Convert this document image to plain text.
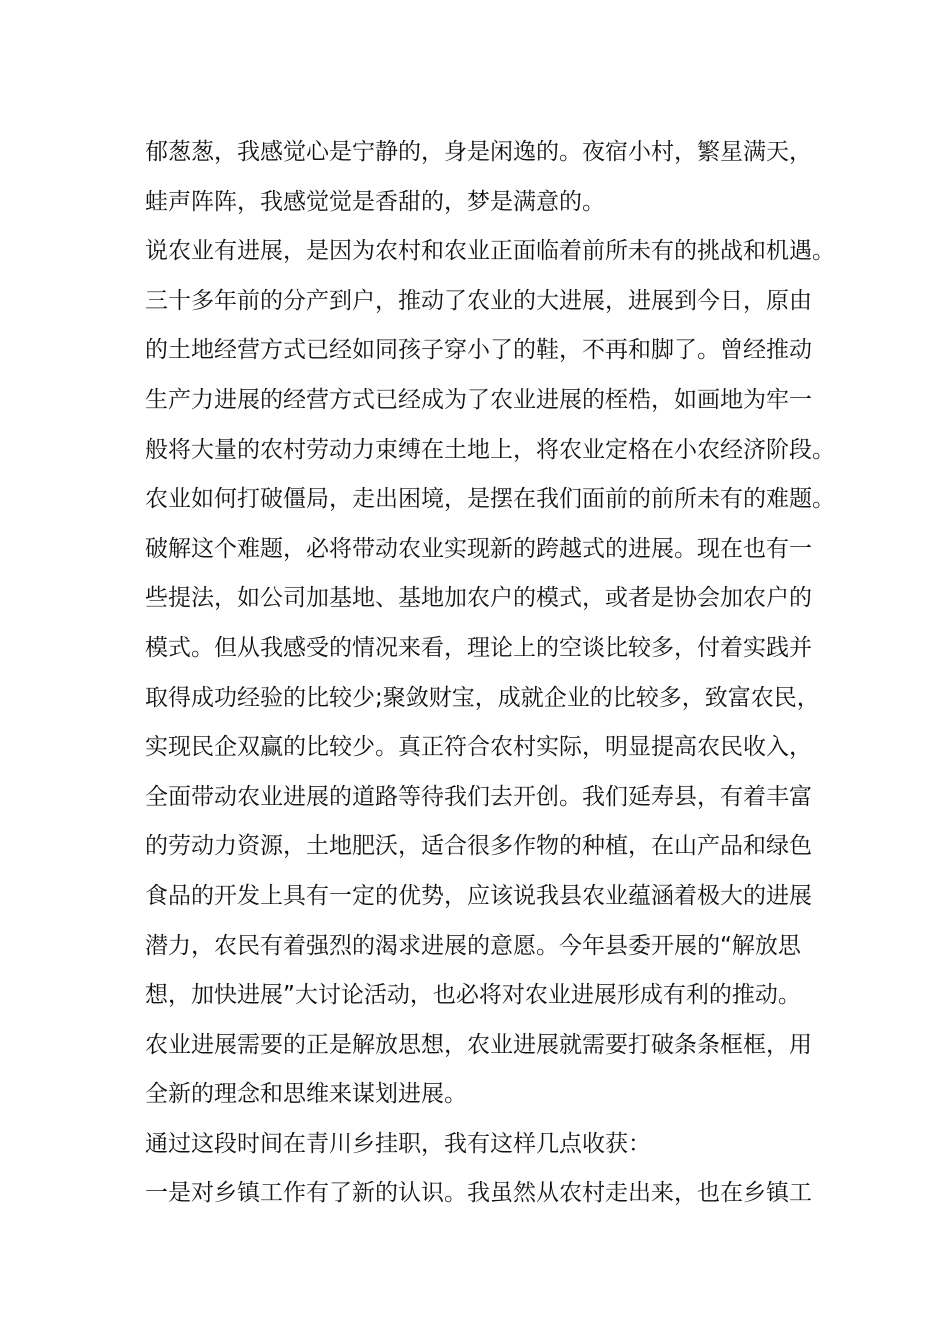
郁葱葱，我感觉心是宁静的，身是闲逸的。夜宿小村，繁星满天，
蛙声阵阵，我感觉觉是香甜的，梦是满意的。
说农业有进展，是因为农村和农业正面临着前所未有的挑战和机遇。
三十多年前的分产到户，推动了农业的大进展，进展到今日，原由
的土地经营方式已经如同孩子穿小了的鞋，不再和脚了。曾经推动
生产力进展的经营方式已经成为了农业进展的桎梏，如画地为牢一
般将大量的农村劳动力束缚在土地上，将农业定格在小农经济阶段。
农业如何打破僵局，走出困境，是摆在我们面前的前所未有的难题。
破解这个难题，必将带动农业实现新的跨越式的进展。现在也有一
些提法，如公司加基地、基地加农户的模式，或者是协会加农户的
模式。但从我感受的情况来看，理论上的空谈比较多，付着实践并
取得成功经验的比较少;聚敛财宝，成就企业的比较多，致富农民，
实现民企双赢的比较少。真正符合农村实际，明显提高农民收入，
全面带动农业进展的道路等待我们去开创。我们延寿县，有着丰富
的劳动力资源，土地肥沃，适合很多作物的种植，在山产品和绿色
食品的开发上具有一定的优势，应该说我县农业蕴涵着极大的进展
潜力，农民有着强烈的渴求进展的意愿。今年县委开展的“解放思
想，加快进展”大讨论活动，也必将对农业进展形成有利的推动。
农业进展需要的正是解放思想，农业进展就需要打破条条框框，用
全新的理念和思维来谋划进展。
通过这段时间在青川乡挂职，我有这样几点收获：
一是对乡镇工作有了新的认识。我虽然从农村走出来，也在乡镇工
